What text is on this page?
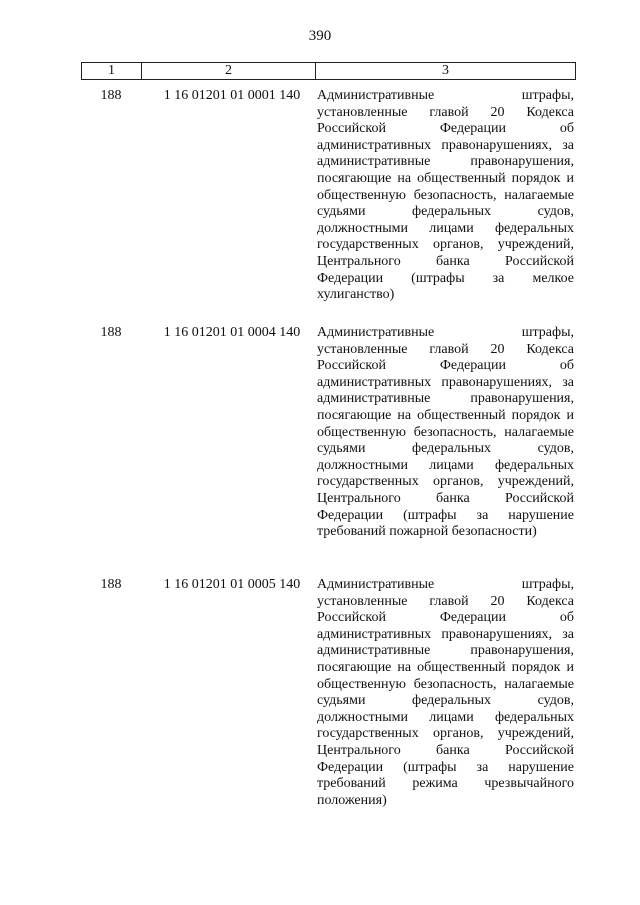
390
1	2	3
188	1 16 01201 01 0001 140	Административные штрафы, установленные главой 20 Кодекса Российской Федерации об административных правонарушениях, за административные правонарушения, посягающие на общественный порядок и общественную безопасность, налагаемые судьями федеральных судов, должностными лицами федеральных государственных органов, учреждений, Центрального банка Российской Федерации (штрафы за мелкое хулиганство)
188	1 16 01201 01 0004 140	Административные штрафы, установленные главой 20 Кодекса Российской Федерации об административных правонарушениях, за административные правонарушения, посягающие на общественный порядок и общественную безопасность, налагаемые судьями федеральных судов, должностными лицами федеральных государственных органов, учреждений, Центрального банка Российской Федерации (штрафы за нарушение требований пожарной безопасности)
188	1 16 01201 01 0005 140	Административные штрафы, установленные главой 20 Кодекса Российской Федерации об административных правонарушениях, за административные правонарушения, посягающие на общественный порядок и общественную безопасность, налагаемые судьями федеральных судов, должностными лицами федеральных государственных органов, учреждений, Центрального банка Российской Федерации (штрафы за нарушение требований режима чрезвычайного положения)
